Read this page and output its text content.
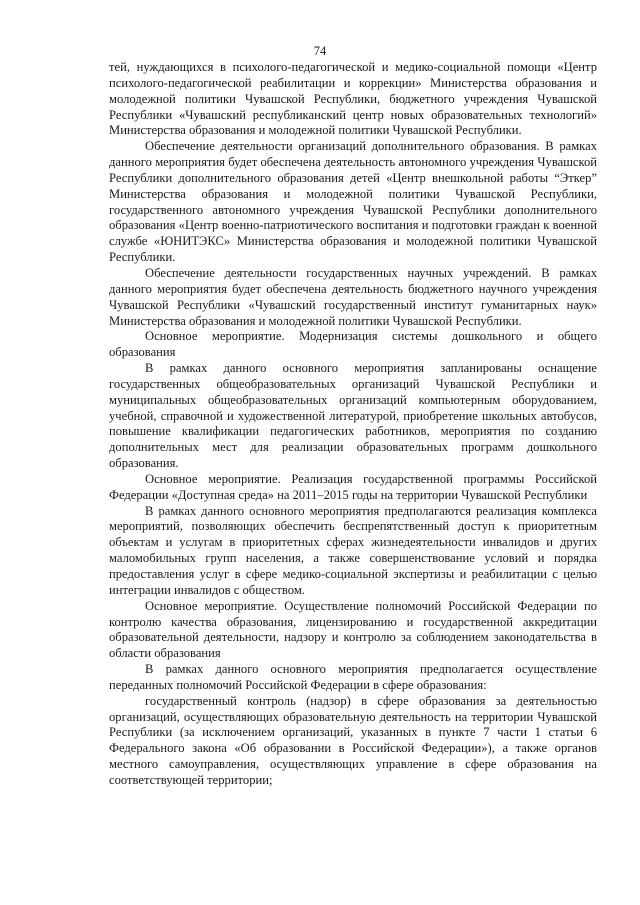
74

тей, нуждающихся в психолого-педагогической и медико-социальной помощи «Центр психолого-педагогической реабилитации и коррекции» Министерства образования и молодежной политики Чувашской Республики, бюджетного учреждения Чувашской Республики «Чувашский республиканский центр новых образовательных технологий» Министерства образования и молодежной политики Чувашской Республики.

Обеспечение деятельности организаций дополнительного образования. В рамках данного мероприятия будет обеспечена деятельность автономного учреждения Чувашской Республики дополнительного образования детей «Центр внешкольной работы “Эткер” Министерства образования и молодежной политики Чувашской Республики, государственного автономного учреждения Чувашской Республики дополнительного образования «Центр военно-патриотического воспитания и подготовки граждан к военной службе «ЮНИТЭКС» Министерства образования и молодежной политики Чувашской Республики.

Обеспечение деятельности государственных научных учреждений. В рамках данного мероприятия будет обеспечена деятельность бюджетного научного учреждения Чувашской Республики «Чувашский государственный институт гуманитарных наук» Министерства образования и молодежной политики Чувашской Республики.

Основное мероприятие. Модернизация системы дошкольного и общего образования

В рамках данного основного мероприятия запланированы оснащение государственных общеобразовательных организаций Чувашской Республики и муниципальных общеобразовательных организаций компьютерным оборудованием, учебной, справочной и художественной литературой, приобретение школьных автобусов, повышение квалификации педагогических работников, мероприятия по созданию дополнительных мест для реализации образовательных программ дошкольного образования.

Основное мероприятие. Реализация государственной программы Российской Федерации «Доступная среда» на 2011–2015 годы на территории Чувашской Республики

В рамках данного основного мероприятия предполагаются реализация комплекса мероприятий, позволяющих обеспечить беспрепятственный доступ к приоритетным объектам и услугам в приоритетных сферах жизнедеятельности инвалидов и других маломобильных групп населения, а также совершенствование условий и порядка предоставления услуг в сфере медико-социальной экспертизы и реабилитации с целью интеграции инвалидов с обществом.

Основное мероприятие. Осуществление полномочий Российской Федерации по контролю качества образования, лицензированию и государственной аккредитации образовательной деятельности, надзору и контролю за соблюдением законодательства в области образования

В рамках данного основного мероприятия предполагается осуществление переданных полномочий Российской Федерации в сфере образования:

государственный контроль (надзор) в сфере образования за деятельностью организаций, осуществляющих образовательную деятельность на территории Чувашской Республики (за исключением организаций, указанных в пункте 7 части 1 статьи 6 Федерального закона «Об образовании в Российской Федерации»), а также органов местного самоуправления, осуществляющих управление в сфере образования на соответствующей территории;
